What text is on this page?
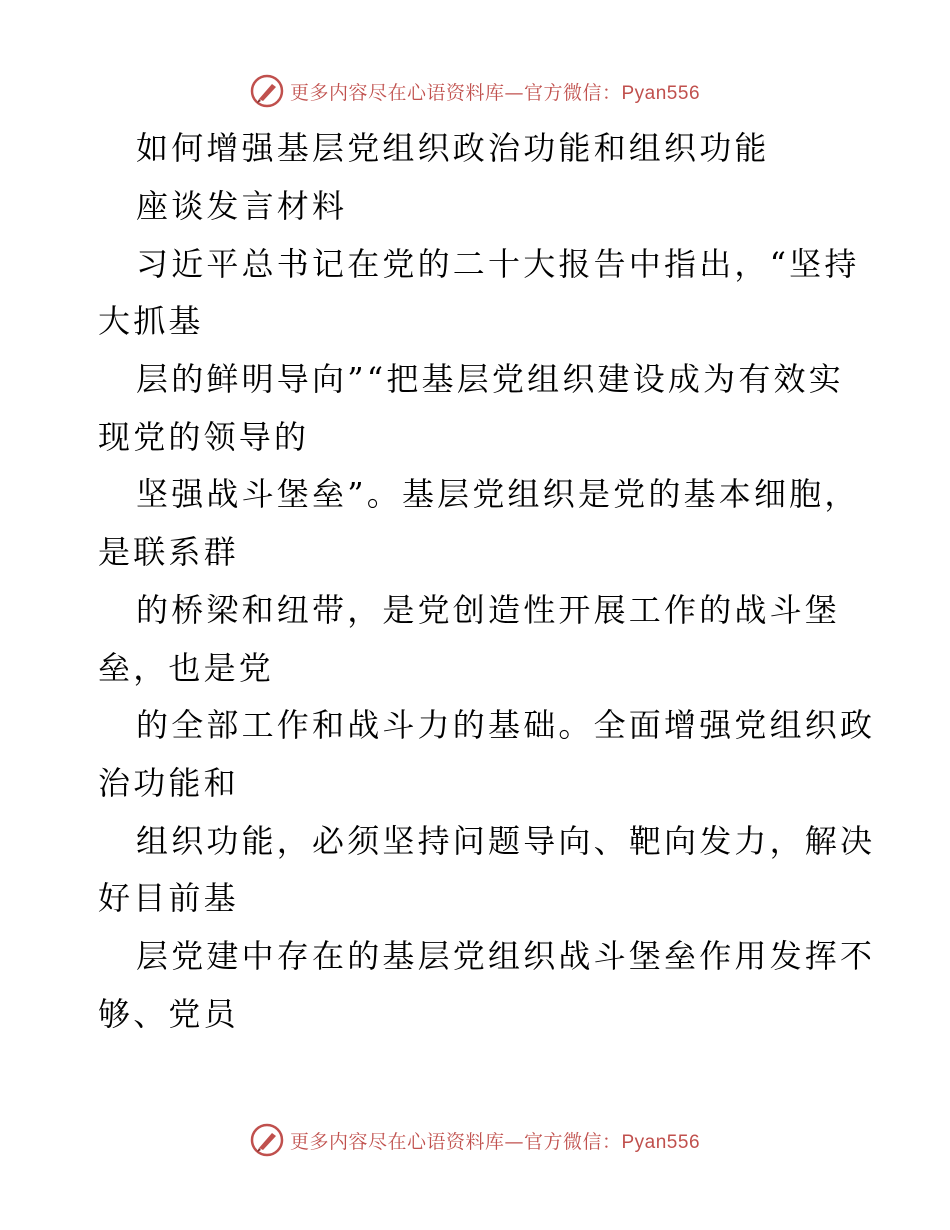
更多内容尽在心语资料库—官方微信：Pyan556
如何增强基层党组织政治功能和组织功能
座谈发言材料
习近平总书记在党的二十大报告中指出，“坚持
大抓基
层的鲜明导向”“把基层党组织建设成为有效实
现党的领导的
坚强战斗堡垒”。基层党组织是党的基本细胞，
是联系群
的桥梁和纽带，是党创造性开展工作的战斗堡
垒，也是党
的全部工作和战斗力的基础。全面增强党组织政
治功能和
组织功能，必须坚持问题导向、靶向发力，解决
好目前基
层党建中存在的基层党组织战斗堡垒作用发挥不
够、党员
更多内容尽在心语资料库—官方微信：Pyan556
